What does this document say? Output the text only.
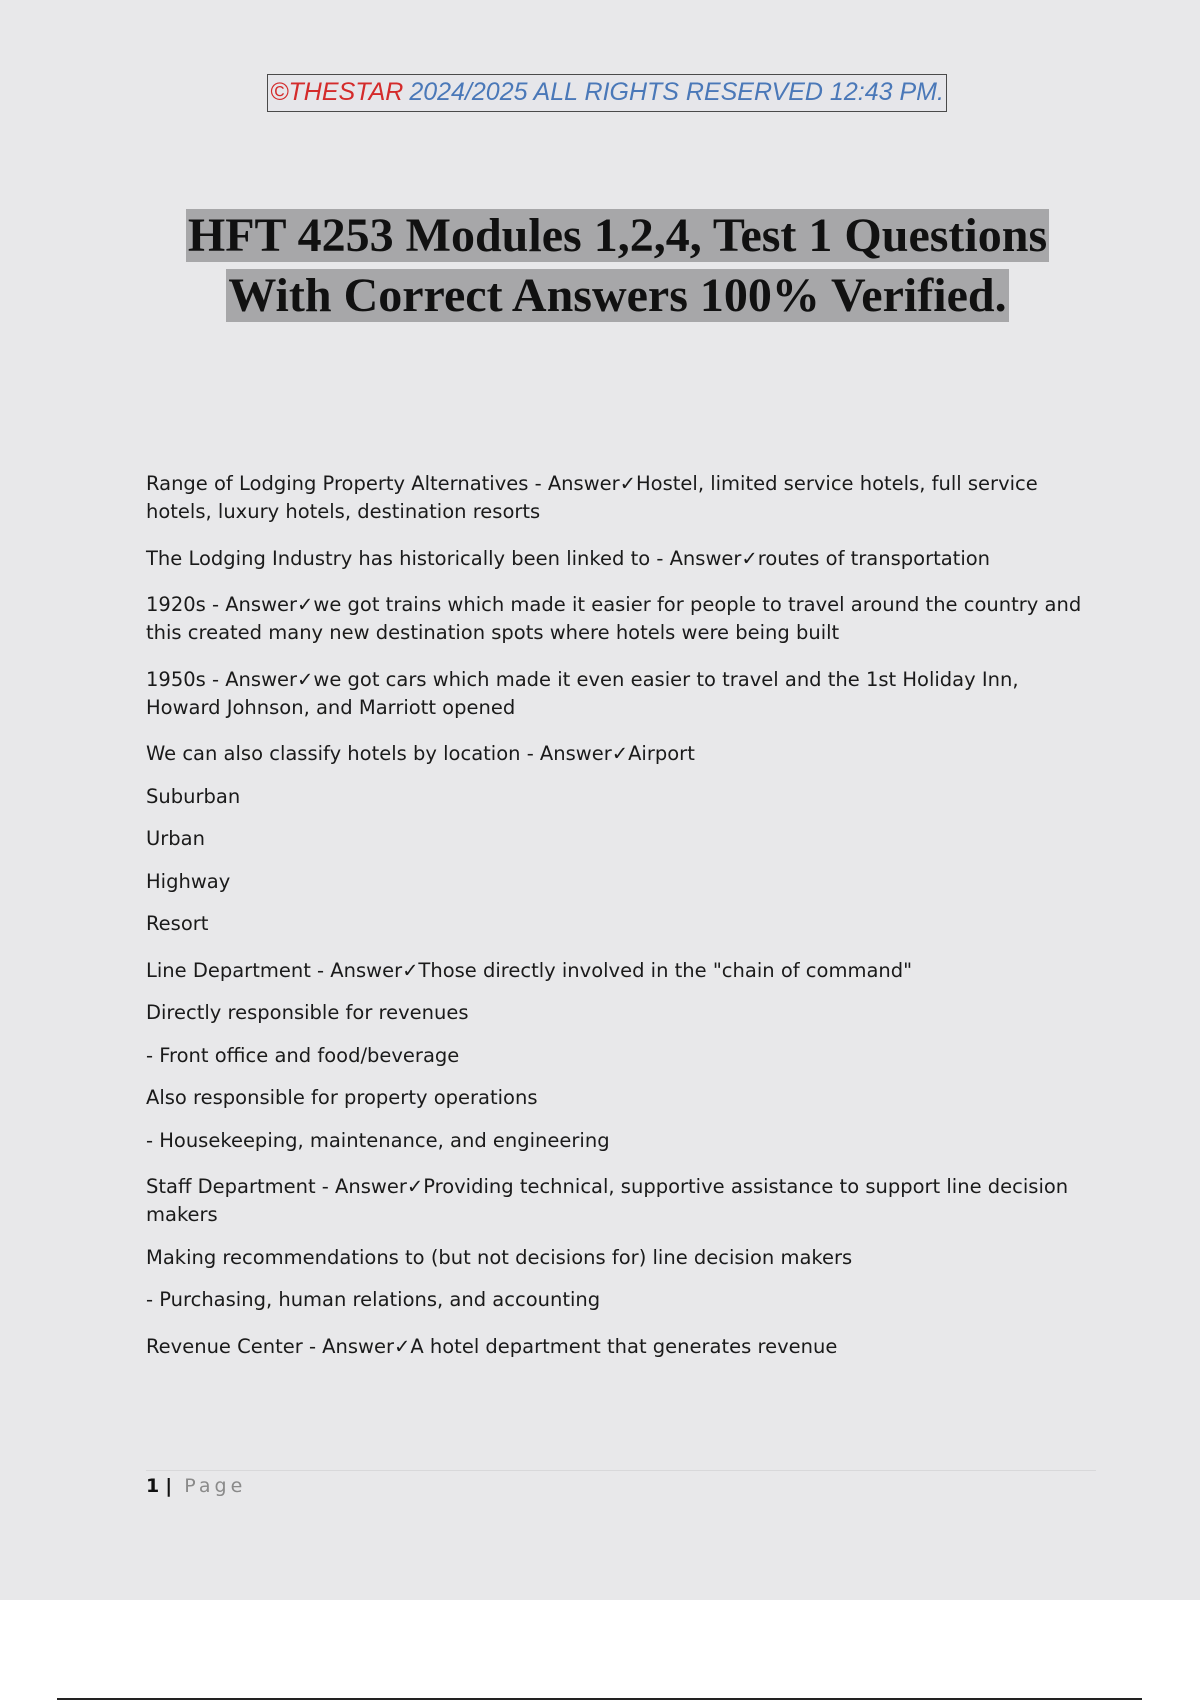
©THESTAR 2024/2025 ALL RIGHTS RESERVED 12:43 PM.
HFT 4253 Modules 1,2,4, Test 1 Questions
With Correct Answers 100% Verified.

Range of Lodging Property Alternatives - Answer✓Hostel, limited service hotels, full service hotels, luxury hotels, destination resorts

The Lodging Industry has historically been linked to - Answer✓routes of transportation

1920s - Answer✓we got trains which made it easier for people to travel around the country and this created many new destination spots where hotels were being built

1950s - Answer✓we got cars which made it even easier to travel and the 1st Holiday Inn, Howard Johnson, and Marriott opened

We can also classify hotels by location - Answer✓Airport

Suburban

Urban

Highway

Resort

Line Department - Answer✓Those directly involved in the "chain of command"

Directly responsible for revenues

- Front office and food/beverage

Also responsible for property operations

- Housekeeping, maintenance, and engineering

Staff Department - Answer✓Providing technical, supportive assistance to support line decision makers

Making recommendations to (but not decisions for) line decision makers

- Purchasing, human relations, and accounting

Revenue Center - Answer✓A hotel department that generates revenue

1 | Page
